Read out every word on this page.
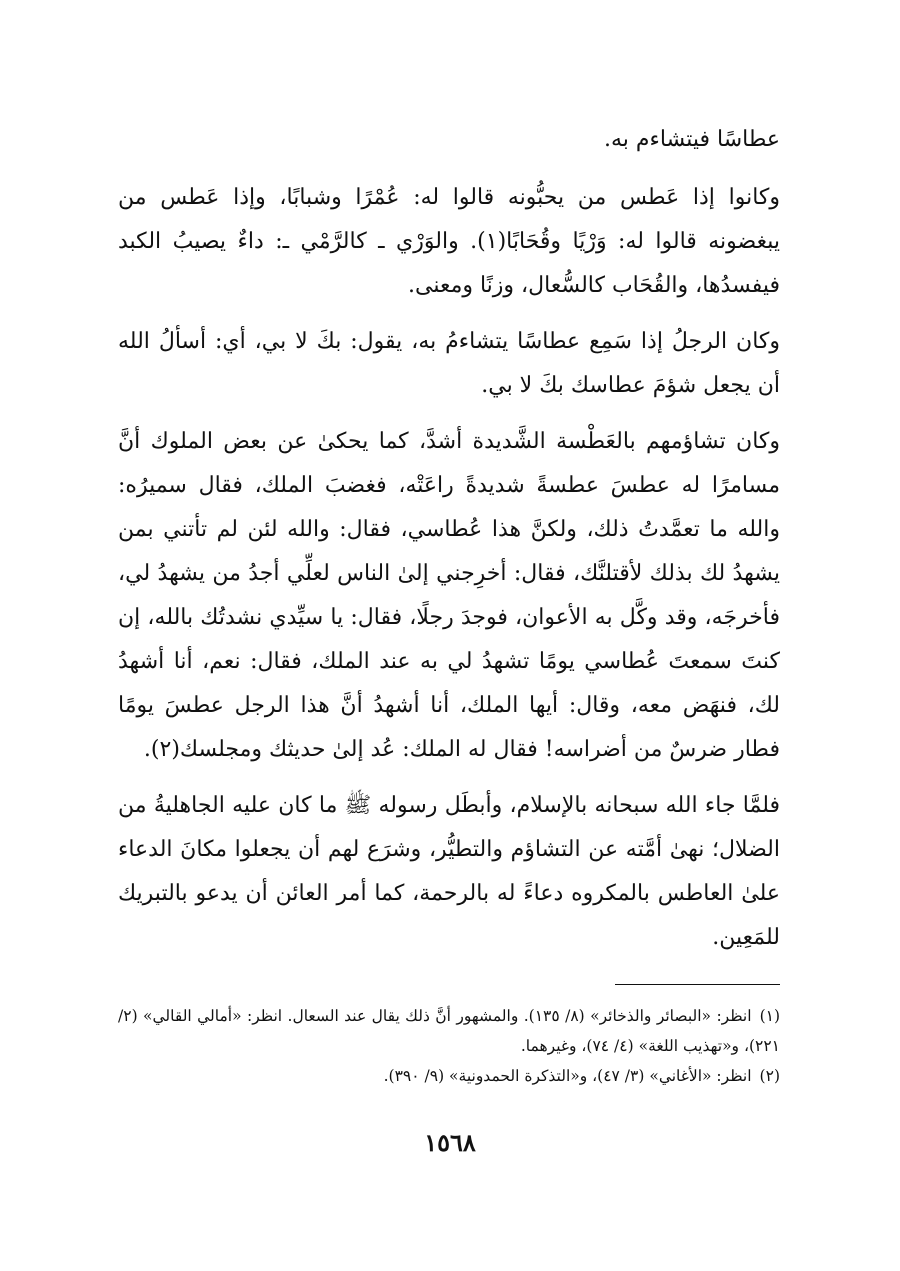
عطاسًا فيتشاءم به.

وكانوا إذا عَطس من يحبُّونه قالوا له: عُمْرًا وشبابًا، وإذا عَطس من يبغضونه قالوا له: وَرْيًا وقُحَابًا(١). والوَرْي ـ كالرَّمْي ـ: داءٌ يصيبُ الكبد فيفسدُها، والقُحَاب كالسُّعال، وزنًا ومعنى.

وكان الرجلُ إذا سَمِع عطاسًا يتشاءمُ به، يقول: بكَ لا بي، أي: أسألُ الله أن يجعل شؤمَ عطاسك بكَ لا بي.

وكان تشاؤمهم بالعَطْسة الشَّديدة أشدَّ، كما يحكىٰ عن بعض الملوك أنَّ مسامرًا له عطسَ عطسةً شديدةً راعَتْه، فغضبَ الملك، فقال سميرُه: والله ما تعمَّدتُ ذلك، ولكنَّ هذا عُطاسي، فقال: والله لئن لم تأتني بمن يشهدُ لك بذلك لأقتلنَّك، فقال: أخرِجني إلىٰ الناس لعلِّي أجدُ من يشهدُ لي، فأخرجَه، وقد وكَّل به الأعوان، فوجدَ رجلًا، فقال: يا سيِّدي نشدتُك بالله، إن كنتَ سمعتَ عُطاسي يومًا تشهدُ لي به عند الملك، فقال: نعم، أنا أشهدُ لك، فنهَض معه، وقال: أيها الملك، أنا أشهدُ أنَّ هذا الرجل عطسَ يومًا فطار ضرسٌ من أضراسه! فقال له الملك: عُد إلىٰ حديثك ومجلسك(٢).

فلمَّا جاء الله سبحانه بالإسلام، وأبطَل رسوله ﷺ ما كان عليه الجاهليةُ من الضلال؛ نهىٰ أمَّته عن التشاؤم والتطيُّر، وشرَع لهم أن يجعلوا مكانَ الدعاء علىٰ العاطس بالمكروه دعاءً له بالرحمة، كما أمر العائن أن يدعو بالتبريك للمَعِين.

(١)انظر: «البصائر والذخائر» (٨/ ١٣٥). والمشهور أنَّ ذلك يقال عند السعال. انظر: «أمالي القالي» (٢/ ٢٢١)، و«تهذيب اللغة» (٤/ ٧٤)، وغيرهما.

(٢)انظر: «الأغاني» (٣/ ٤٧)، و«التذكرة الحمدونية» (٩/ ٣٩٠).

١٥٦٨
